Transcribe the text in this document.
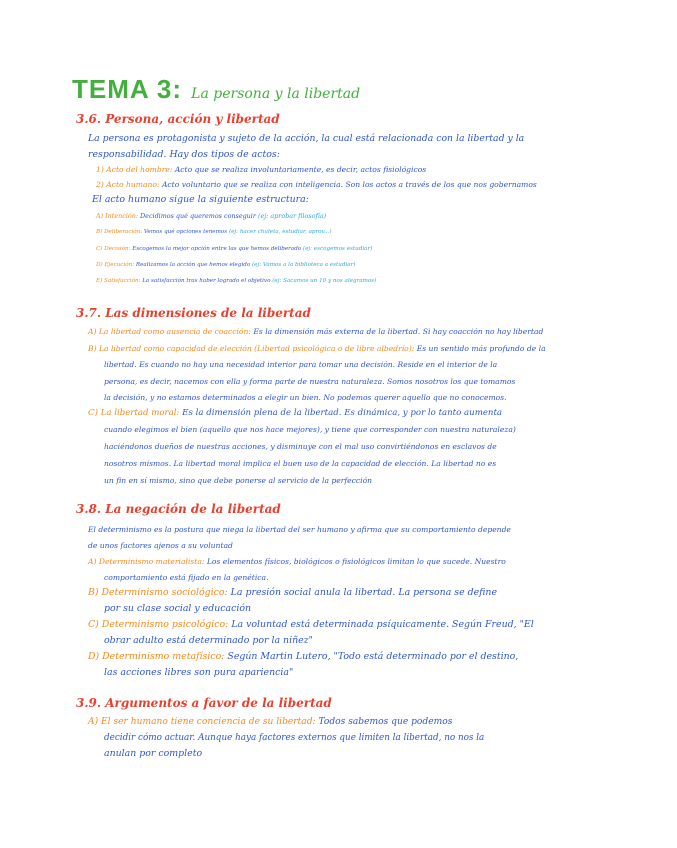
TEMA 3: La persona y la libertad
3.6. Persona, acción y libertad
La persona es protagonista y sujeto de la acción, la cual está relacionada con la libertad y la
responsabilidad. Hay dos tipos de actos:
1) Acto del hombre: Acto que se realiza involuntariamente, es decir, actos fisiológicos
2) Acto humano: Acto voluntario que se realiza con inteligencia. Son los actos a través de los que nos gobernamos
El acto humano sigue la siguiente estructura:
A) Intención: Decidimos qué queremos conseguir (ej: aprobar filosofía)
B) Deliberación: Vemos qué opciones tenemos (ej: hacer chuleta, estudiar, aprov...)
C) Decisión: Escogemos la mejor opción entre las que hemos deliberado (ej: escogemos estudiar)
D) Ejecución: Realizamos la acción que hemos elegido (ej: Vamos a la biblioteca a estudiar)
E) Satisfacción: La satisfacción tras haber logrado el objetivo (ej: Sacamos un 10 y nos alegramos)
3.7. Las dimensiones de la libertad
A) La libertad como ausencia de coacción: Es la dimensión más externa de la libertad. Si hay coacción no hay libertad
B) La libertad como capacidad de elección (Libertad psicológica o de libre albedrío): Es un sentido más profundo de la
libertad. Es cuando no hay una necesidad interior para tomar una decisión. Reside en el interior de la
persona, es decir, nacemos con ella y forma parte de nuestra naturaleza. Somos nosotros los que tomamos
la decisión, y no estamos determinados a elegir un bien. No podemos querer aquello que no conocemos.
C) La libertad moral: Es la dimensión plena de la libertad. Es dinámica, y por lo tanto aumenta
cuando elegimos el bien (aquello que nos hace mejores), y tiene que corresponder con nuestra naturaleza)
haciéndonos dueños de nuestras acciones, y disminuye con el mal uso convirtiéndonos en esclavos de
nosotros mismos. La libertad moral implica el buen uso de la capacidad de elección. La libertad no es
un fin en sí mismo, sino que debe ponerse al servicio de la perfección
3.8. La negación de la libertad
El determinismo es la postura que niega la libertad del ser humano y afirma que su comportamiento depende
de unos factores ajenos a su voluntad
A) Determinismo materialista: Los elementos físicos, biológicos o fisiológicos limitan lo que sucede. Nuestro
comportamiento está fijado en la genética.
B) Determinismo sociológico: La presión social anula la libertad. La persona se define
por su clase social y educación
C) Determinismo psicológico: La voluntad está determinada psíquicamente. Según Freud, "El
obrar adulto está determinado por la niñez"
D) Determinismo metafísico: Según Martin Lutero, "Todo está determinado por el destino,
las acciones libres son pura apariencia"
3.9. Argumentos a favor de la libertad
A) El ser humano tiene conciencia de su libertad: Todos sabemos que podemos
decidir cómo actuar. Aunque haya factores externos que limiten la libertad, no nos la
anulan por completo
